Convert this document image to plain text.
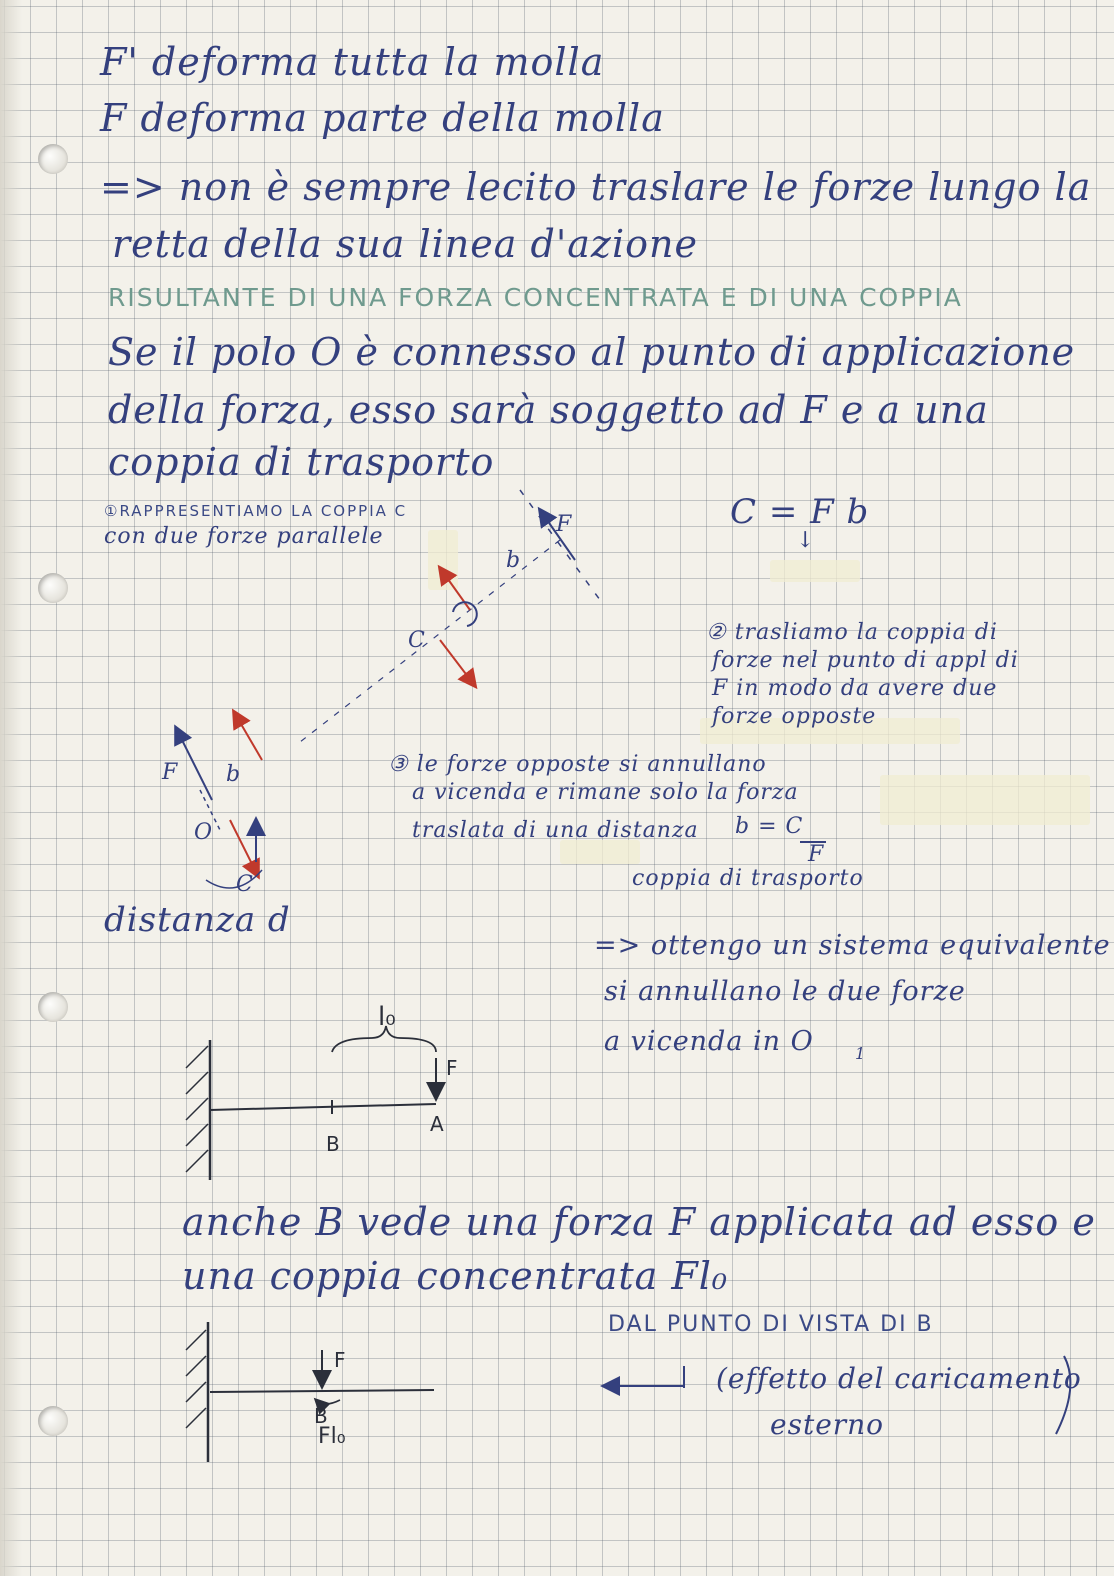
F' deforma tutta la molla
F deforma parte della molla
=> non è sempre lecito traslare le forze lungo la
retta della sua linea d'azione
RISULTANTE DI UNA FORZA CONCENTRATA E DI UNA COPPIA
Se il polo O è connesso al punto di applicazione
della forza, esso sarà soggetto ad F e a una
coppia di trasporto
①RAPPRESENTIAMO LA COPPIA C
con due forze parallele
C = F b
↓
② trasliamo la coppia di
forze nel punto di appl di
F in modo da avere due
forze opposte
③ le forze opposte si annullano
a vicenda e rimane solo la forza
traslata di una distanza b = C
F
coppia di trasporto
distanza d
=> ottengo un sistema equivalente
si annullano le due forze
a vicenda in O	1
anche B vede una forza F applicata ad esso e
una coppia concentrata Fl₀
DAL PUNTO DI VISTA DI B
(effetto del caricamento
esterno
F
b
C
F b
O
C
l₀
F
A
B
F
B
Fl₀
